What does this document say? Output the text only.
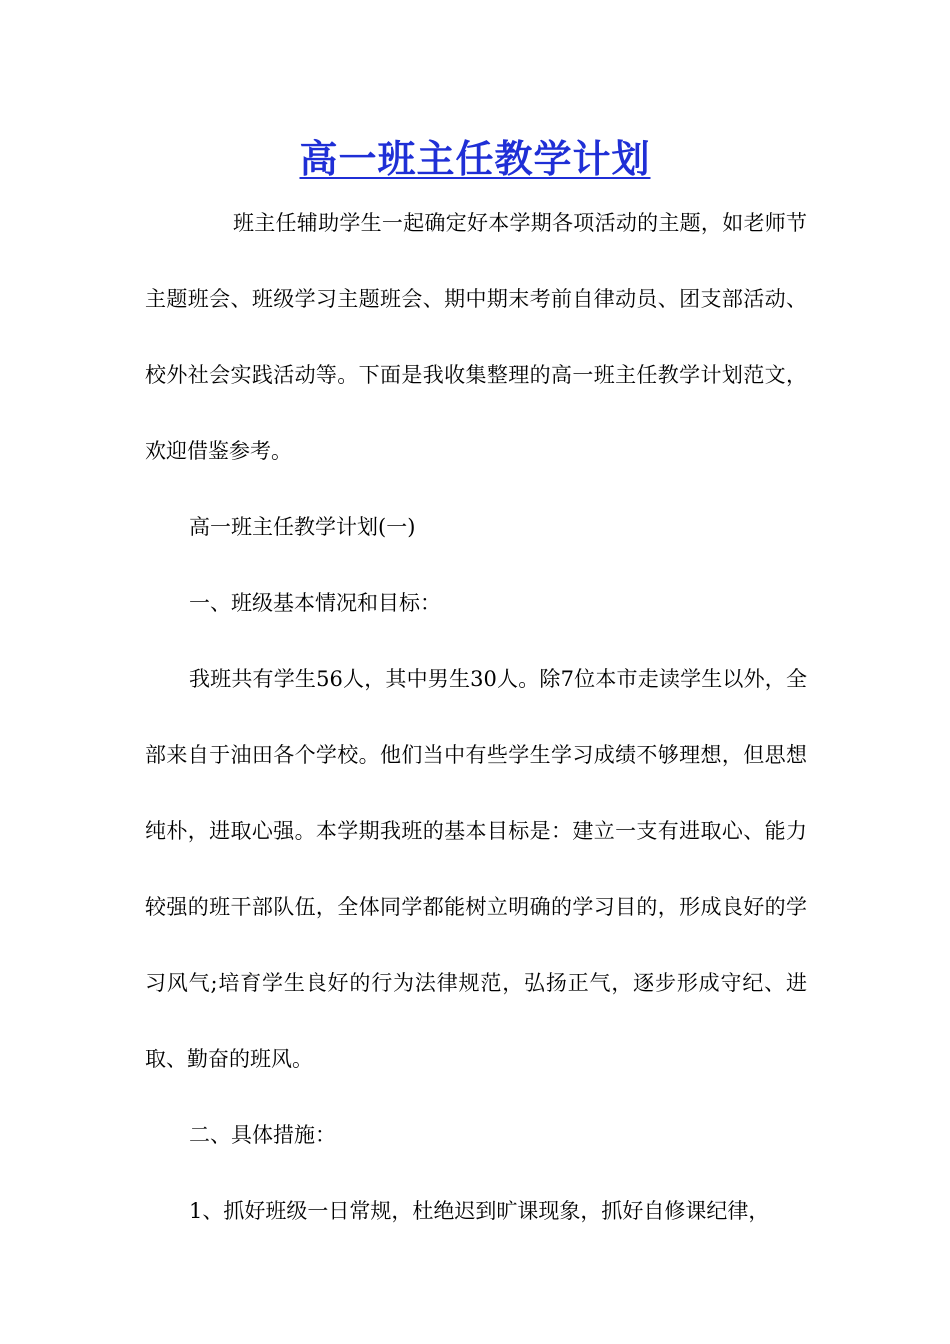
高一班主任教学计划

班主任辅助学生一起确定好本学期各项活动的主题，如老师节主题班会、班级学习主题班会、期中期末考前自律动员、团支部活动、校外社会实践活动等。下面是我收集整理的高一班主任教学计划范文，欢迎借鉴参考。

高一班主任教学计划(一)

一、班级基本情况和目标：

我班共有学生56人，其中男生30人。除7位本市走读学生以外，全部来自于油田各个学校。他们当中有些学生学习成绩不够理想，但思想纯朴，进取心强。本学期我班的基本目标是：建立一支有进取心、能力较强的班干部队伍，全体同学都能树立明确的学习目的，形成良好的学习风气;培育学生良好的行为法律规范，弘扬正气，逐步形成守纪、进取、勤奋的班风。

二、具体措施：

1、抓好班级一日常规，杜绝迟到旷课现象，抓好自修课纪律，
